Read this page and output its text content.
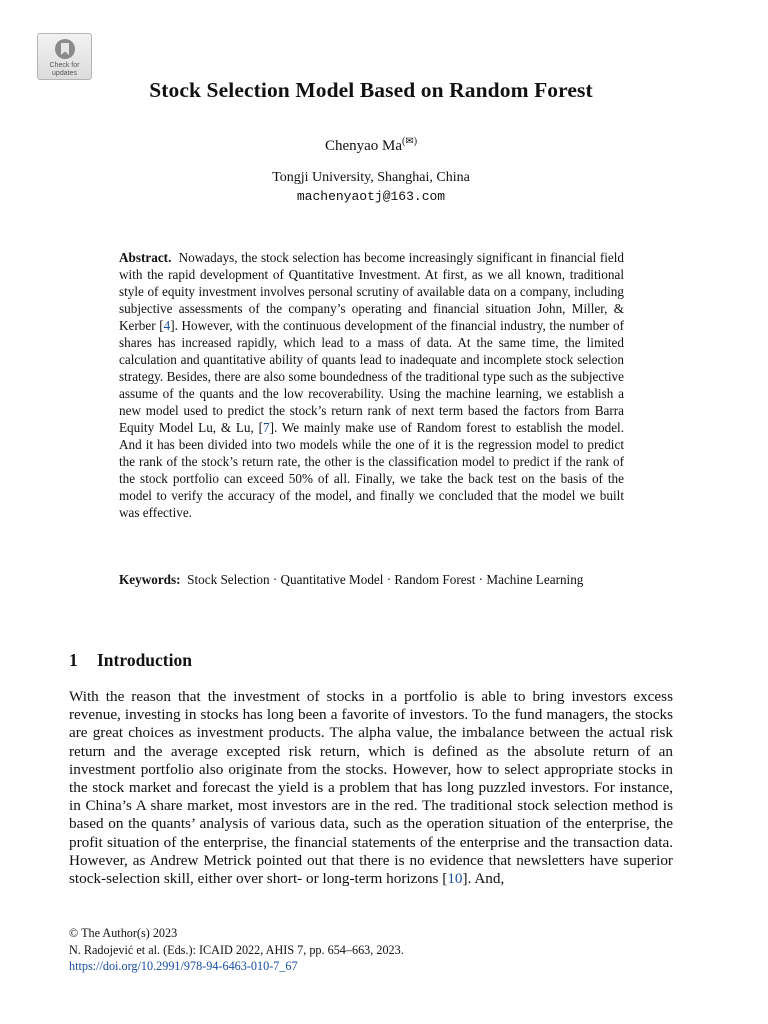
Check for
updates
Stock Selection Model Based on Random Forest
Chenyao Ma(✉)
Tongji University, Shanghai, China
machenyaotj@163.com
Abstract. Nowadays, the stock selection has become increasingly significant in financial field with the rapid development of Quantitative Investment. At first, as we all known, traditional style of equity investment involves personal scrutiny of available data on a company, including subjective assessments of the company’s operating and financial situation John, Miller, & Kerber [4]. However, with the continuous development of the financial industry, the number of shares has increased rapidly, which lead to a mass of data. At the same time, the limited calculation and quantitative ability of quants lead to inadequate and incomplete stock selection strategy. Besides, there are also some boundedness of the traditional type such as the subjective assume of the quants and the low recoverability. Using the machine learning, we establish a new model used to predict the stock’s return rank of next term based the factors from Barra Equity Model Lu, & Lu, [7]. We mainly make use of Random forest to establish the model. And it has been divided into two models while the one of it is the regression model to predict the rank of the stock’s return rate, the other is the classification model to predict if the rank of the stock portfolio can exceed 50% of all. Finally, we take the back test on the basis of the model to verify the accuracy of the model, and finally we concluded that the model we built was effective.
Keywords: Stock Selection · Quantitative Model · Random Forest · Machine Learning
1 Introduction
With the reason that the investment of stocks in a portfolio is able to bring investors excess revenue, investing in stocks has long been a favorite of investors. To the fund managers, the stocks are great choices as investment products. The alpha value, the imbalance between the actual risk return and the average excepted risk return, which is defined as the absolute return of an investment portfolio also originate from the stocks. However, how to select appropriate stocks in the stock market and forecast the yield is a problem that has long puzzled investors. For instance, in China’s A share market, most investors are in the red. The traditional stock selection method is based on the quants’ analysis of various data, such as the operation situation of the enterprise, the profit situation of the enterprise, the financial statements of the enterprise and the transaction data. However, as Andrew Metrick pointed out that there is no evidence that newsletters have superior stock-selection skill, either over short- or long-term horizons [10]. And,
© The Author(s) 2023
N. Radojević et al. (Eds.): ICAID 2022, AHIS 7, pp. 654–663, 2023.
https://doi.org/10.2991/978-94-6463-010-7_67
